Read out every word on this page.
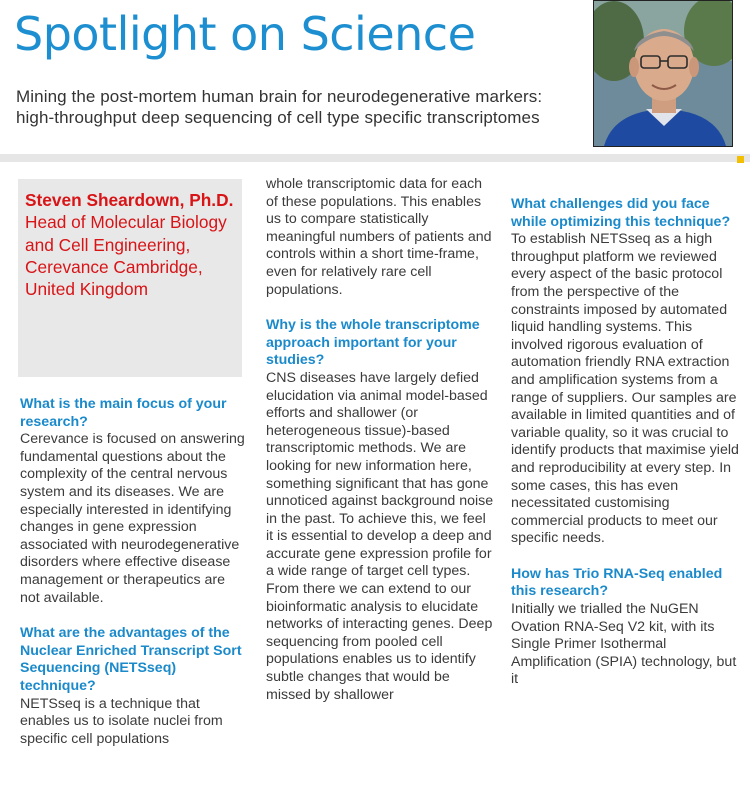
Spotlight on Science
Mining the post-mortem human brain for neurodegenerative markers: high-throughput deep sequencing of cell type specific transcriptomes

Steven Sheardown, Ph.D. Head of Molecular Biology and Cell Engineering, Cerevance Cambridge, United Kingdom

What is the main focus of your research?

Cerevance is focused on answering fundamental questions about the complexity of the central nervous system and its diseases. We are especially interested in identifying changes in gene expression associated with neurodegenerative disorders where effective disease management or therapeutics are not available.

What are the advantages of the Nuclear Enriched Transcript Sort Sequencing (NETSseq) technique?

NETSseq is a technique that enables us to isolate nuclei from specific cell populations

whole transcriptomic data for each of these populations. This enables us to compare statistically meaningful numbers of patients and controls within a short time-frame, even for relatively rare cell populations.

Why is the whole transcriptome approach important for your studies?

CNS diseases have largely defied elucidation via animal model-based efforts and shallower (or heterogeneous tissue)-based transcriptomic methods. We are looking for new information here, something significant that has gone unnoticed against background noise in the past. To achieve this, we feel it is essential to develop a deep and accurate gene expression profile for a wide range of target cell types. From there we can extend to our bioinformatic analysis to elucidate networks of interacting genes. Deep sequencing from pooled cell populations enables us to identify subtle changes that would be missed by shallower

What challenges did you face while optimizing this technique?

To establish NETSseq as a high throughput platform we reviewed every aspect of the basic protocol from the perspective of the constraints imposed by automated liquid handling systems. This involved rigorous evaluation of automation friendly RNA extraction and amplification systems from a range of suppliers. Our samples are available in limited quantities and of variable quality, so it was crucial to identify products that maximise yield and reproducibility at every step. In some cases, this has even necessitated customising commercial products to meet our specific needs.

How has Trio RNA-Seq enabled this research?

Initially we trialled the NuGEN Ovation RNA-Seq V2 kit, with its Single Primer Isothermal Amplification (SPIA) technology, but it
